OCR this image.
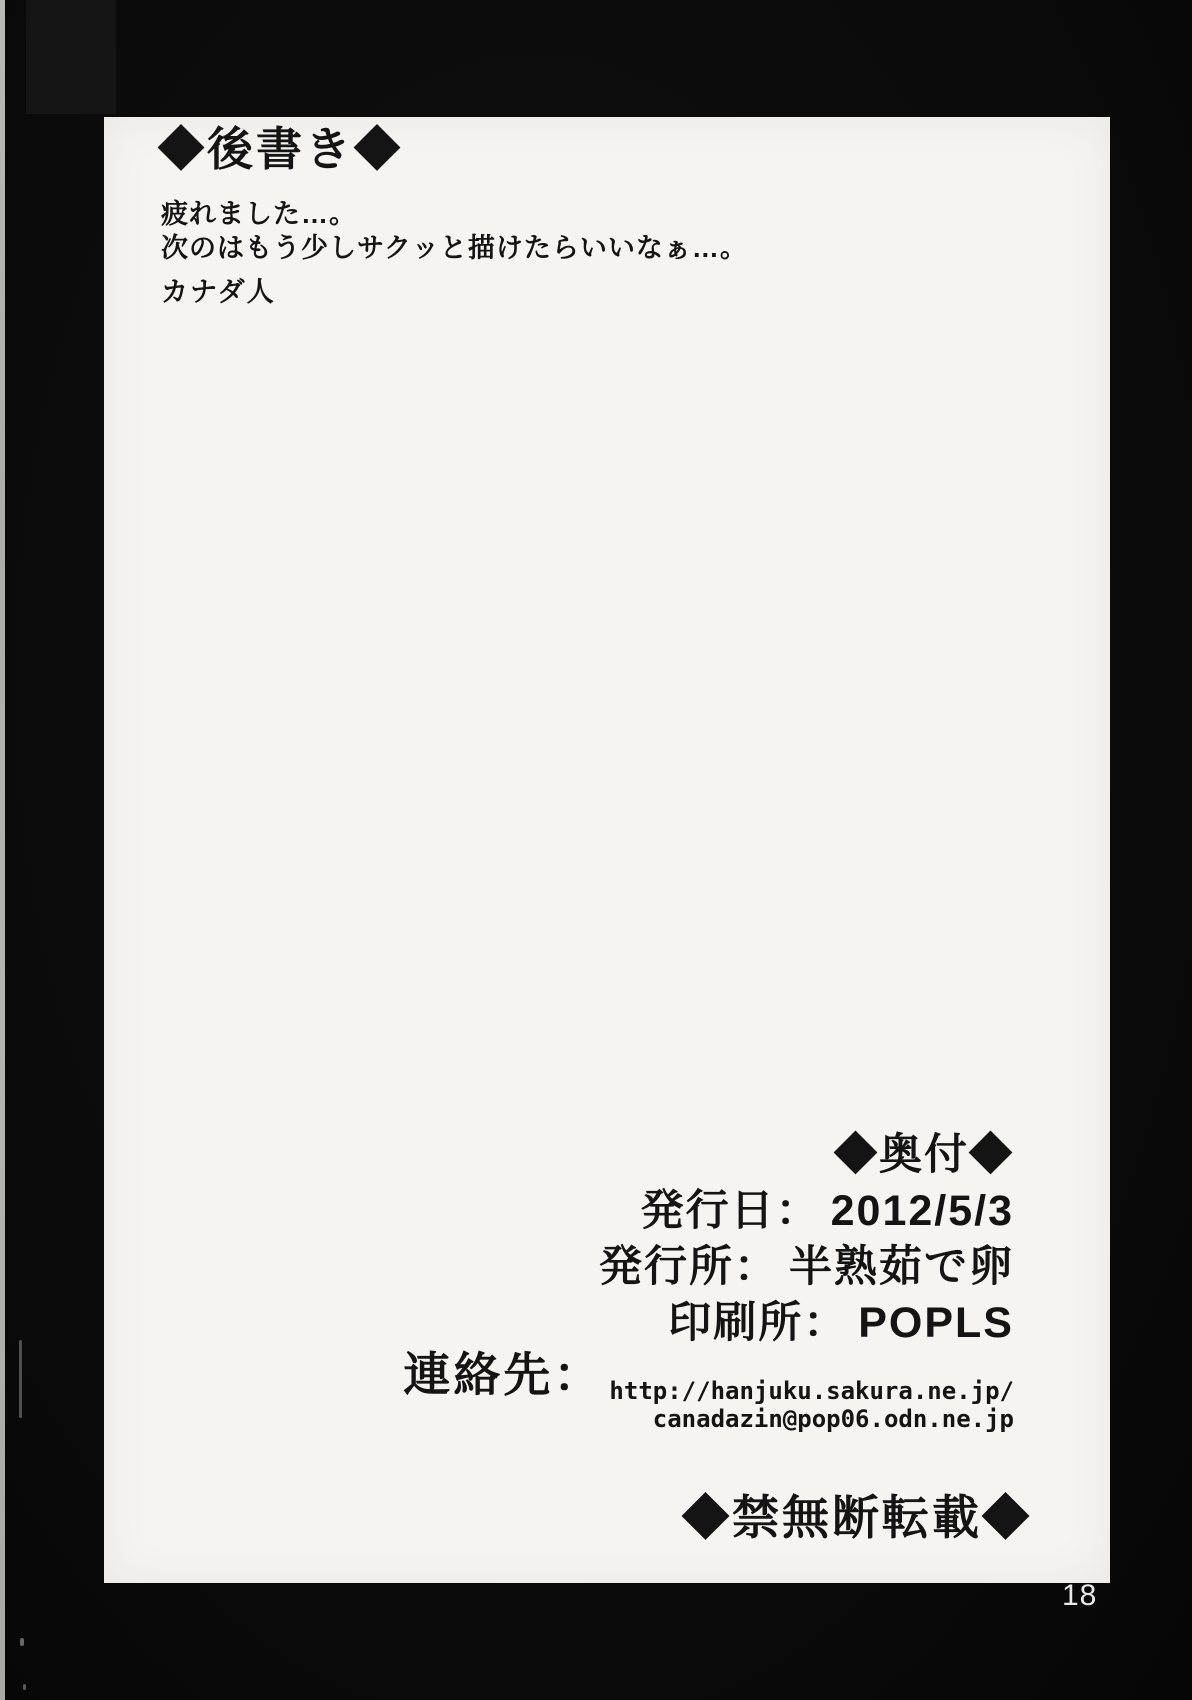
◆後書き◆

疲れました…。

次のはもう少しサクッと描けたらいいなぁ…。

カナダ人

◆奥付◆
発行日： 2012/5/3
発行所： 半熟茹で卵
印刷所： POPLS
連絡先： http://hanjuku.sakura.ne.jp/
canadazin@pop06.odn.ne.jp
◆禁無断転載◆
18
